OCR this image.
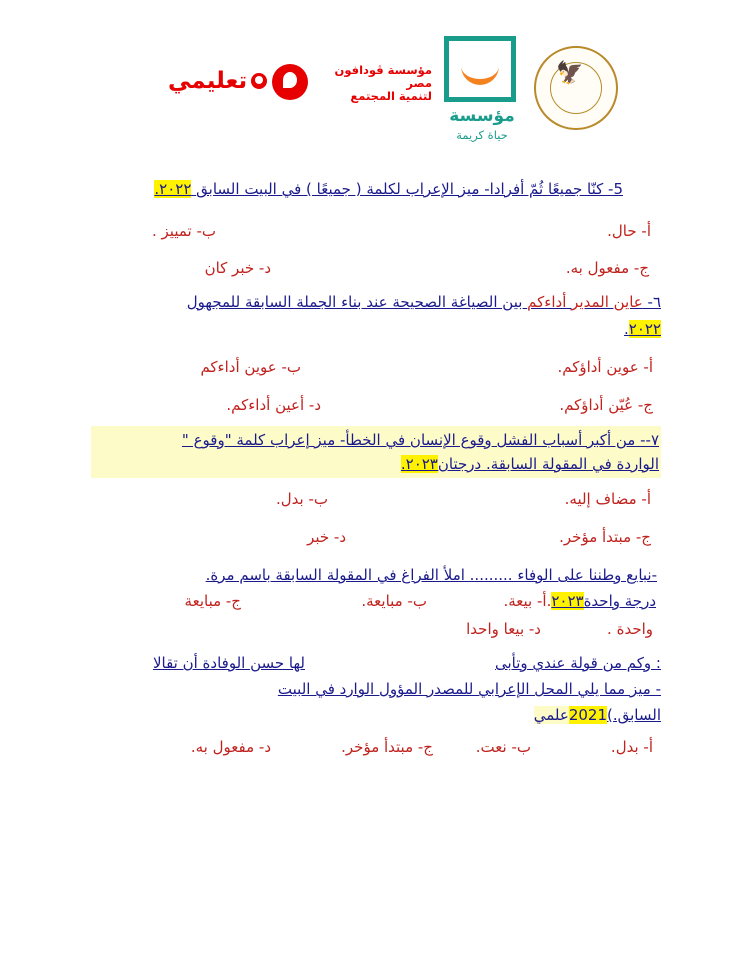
تعليمي	مؤسسة ڤودافون
مصر
لتنمية المجتمع
مؤسسة
حياة كريمة
🦅
5- كنّا جميعًا ثُمّ أفرادا- ميز الإعراب لكلمة ( جميعًا ) في البيت السابق ٢٠٢٢.
أ- حال.
ب- تمييز .
ج- مفعول به.
د- خبر كان
٦- عاين المدير أداءكم بين الصياغة الصحيحة عند بناء الجملة السابقة للمجهول
٢٠٢٢.
أ- عوين أداؤكم.
ب- عوين أداءكم
ج- عُيّن أداؤكم.
د- أعين أداءكم.
٧-- من أكبر أسباب الفشل وقوع الإنسان في الخطأ- ميز إعراب كلمة "وقوع "
الواردة في المقولة السابقة. درجتان٢٠٢٣.
أ- مضاف إليه.
ب- بدل.
ج- مبتدأ مؤخر.
د- خبر
-نبايع وطننا على الوفاء ......... املأ الفراغ في المقولة السابقة باسم مرة.
درجة واحدة٢٠٢٣.أ- بيعة.
ب- مبايعة.
ج- مبايعة
واحدة .
د- بيعا واحدا
: وكم من قولة عندي وتأبى
لها حسن الوفادة أن تقالا
- ميز مما يلي المحل الإعرابي للمصدر المؤول الوارد في البيت
السابق.)2021علمي
أ- بدل.
ب- نعت.
ج- مبتدأ مؤخر.
د- مفعول به.
